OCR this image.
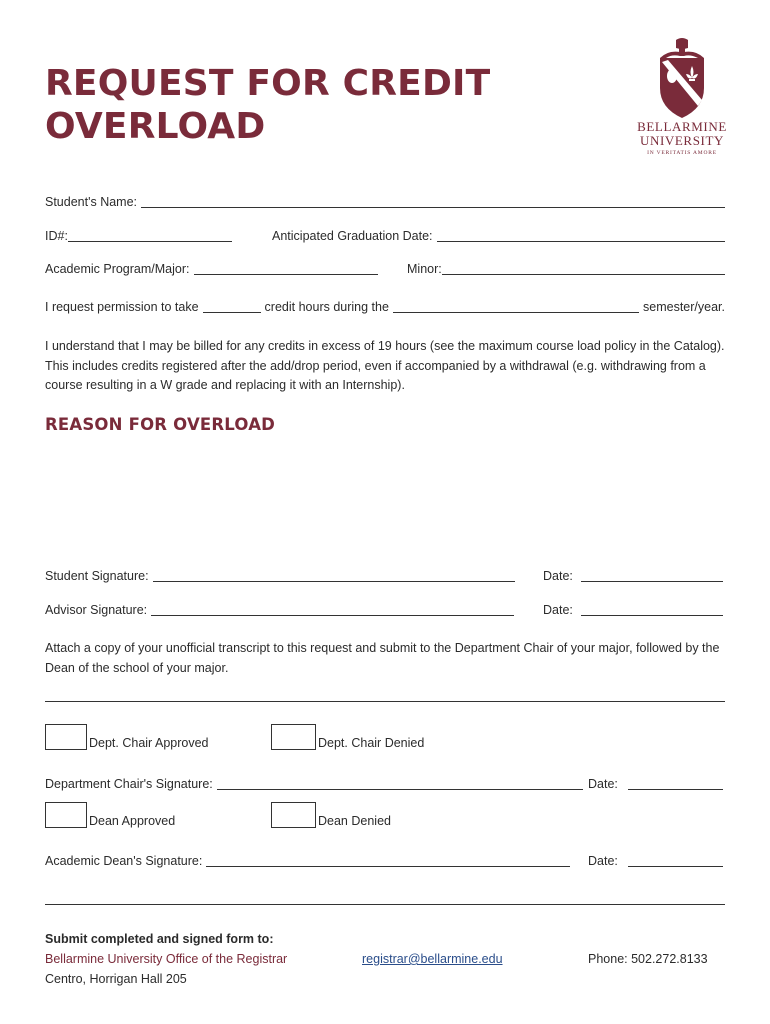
REQUEST FOR CREDIT
OVERLOAD	BELLARMINE
UNIVERSITY
IN VERITATIS AMORE
Student's Name:
ID#:	Anticipated Graduation Date:
Academic Program/Major:	Minor:
I request permission to take	credit hours during the	semester/year.

I understand that I may be billed for any credits in excess of 19 hours (see the maximum course load policy in the Catalog). This includes credits registered after the add/drop period, even if accompanied by a withdrawal (e.g. withdrawing from a course resulting in a W grade and replacing it with an Internship).

REASON FOR OVERLOAD
Student Signature:	Date:
Advisor Signature:	Date:

Attach a copy of your unofficial transcript to this request and submit to the Department Chair of your major, followed by the Dean of the school of your major.

Dept. Chair Approved	Dept. Chair Denied
Department Chair's Signature:	Date:
Dean Approved	Dean Denied
Academic Dean's Signature:	Date:
Submit completed and signed form to:
Bellarmine University Office of the Registrar
Centro, Horrigan Hall 205
registrar@bellarmine.edu	Phone: 502.272.8133
